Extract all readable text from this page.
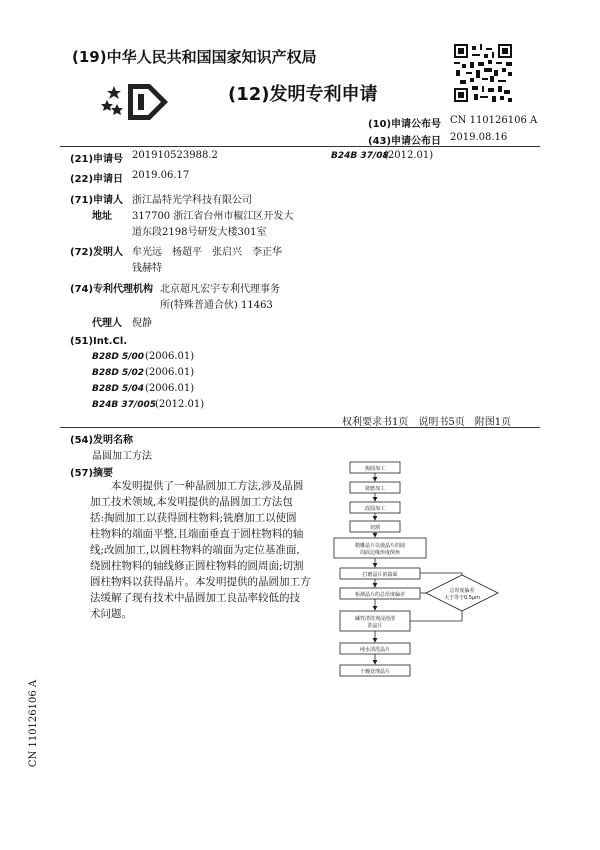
(19)中华人民共和国国家知识产权局
(12)发明专利申请
(10)申请公布号 CN 110126106 A
(43)申请公布日 2019.08.16
(21)申请号 201910523988.2	B24B 37/08
(2012.01)
(22)申请日 2019.06.17
(71)申请人 浙江晶特光学科技有限公司
地址 317700 浙江省台州市椒江区开发大
道东段2198号研发大楼301室
(72)发明人 牟光远　杨超平　张启兴　李正华
钱赫特
(74)专利代理机构 北京超凡宏宇专利代理事务
所(特殊普通合伙) 11463
代理人 倪静
(51)Int.Cl.
B28D 5/00 (2006.01)
B28D 5/02 (2006.01)
B28D 5/04 (2006.01)
B24B 37/005 (2012.01)
权利要求书1页　说明书5页　附图1页
(54)发明名称
晶圆加工方法
(57)摘要
　　本发明提供了一种晶圆加工方法,涉及晶圆
加工技术领域,本发明提供的晶圆加工方法包
括:掏圆加工以获得圆柱物料;铣磨加工以使圆
柱物料的端面平整,且端面垂直于圆柱物料的轴
线;改圆加工,以圆柱物料的端面为定位基准面,
绕圆柱物料的轴线修正圆柱物料的圆周面;切割
圆柱物料以获得晶片。本发明提供的晶圆加工方
法缓解了现有技术中晶圆加工良品率较低的技
术问题。
CN 110126106 A
掏圆加工
铣磨加工
改圆加工
切割
精雕晶片以使晶片的圆
周面边缘形成倒角
打磨晶片的端面
检测晶片的总厚度偏差
碱性清洗剂浸泡清
洗晶片
纯水清洗晶片
干燥处理晶片
总厚度偏差
大于等于0.5μm
